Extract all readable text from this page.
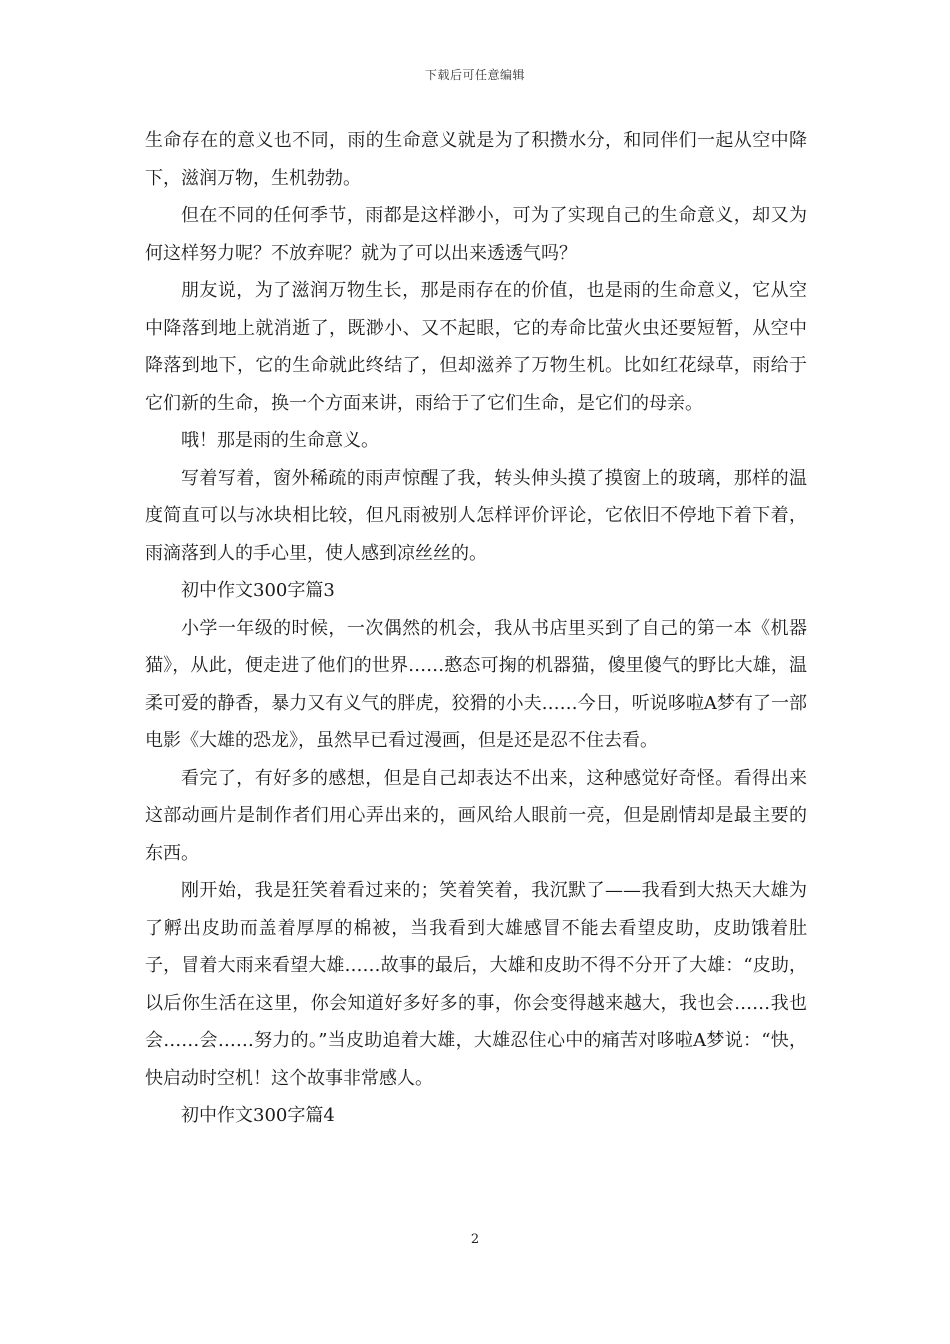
下载后可任意编辑

生命存在的意义也不同，雨的生命意义就是为了积攒水分，和同伴们一起从空中降下，滋润万物，生机勃勃。

但在不同的任何季节，雨都是这样渺小，可为了实现自己的生命意义，却又为何这样努力呢？不放弃呢？就为了可以出来透透气吗？

朋友说，为了滋润万物生长，那是雨存在的价值，也是雨的生命意义，它从空中降落到地上就消逝了，既渺小、又不起眼，它的寿命比萤火虫还要短暂，从空中降落到地下，它的生命就此终结了，但却滋养了万物生机。比如红花绿草，雨给于它们新的生命，换一个方面来讲，雨给于了它们生命，是它们的母亲。

哦！那是雨的生命意义。

写着写着，窗外稀疏的雨声惊醒了我，转头伸头摸了摸窗上的玻璃，那样的温度简直可以与冰块相比较，但凡雨被别人怎样评价评论，它依旧不停地下着下着，雨滴落到人的手心里，使人感到凉丝丝的。

初中作文300字篇3

小学一年级的时候，一次偶然的机会，我从书店里买到了自己的第一本《机器猫》，从此，便走进了他们的世界……憨态可掬的机器猫，傻里傻气的野比大雄，温柔可爱的静香，暴力又有义气的胖虎，狡猾的小夫……今日，听说哆啦A梦有了一部电影《大雄的恐龙》，虽然早已看过漫画，但是还是忍不住去看。

看完了，有好多的感想，但是自己却表达不出来，这种感觉好奇怪。看得出来这部动画片是制作者们用心弄出来的，画风给人眼前一亮，但是剧情却是最主要的东西。

刚开始，我是狂笑着看过来的；笑着笑着，我沉默了——我看到大热天大雄为了孵出皮助而盖着厚厚的棉被，当我看到大雄感冒不能去看望皮助，皮助饿着肚子，冒着大雨来看望大雄……故事的最后，大雄和皮助不得不分开了大雄：“皮助，以后你生活在这里，你会知道好多好多的事，你会变得越来越大，我也会……我也会……会……努力的。”当皮助追着大雄，大雄忍住心中的痛苦对哆啦A梦说：“快，快启动时空机！这个故事非常感人。

初中作文300字篇4

2
